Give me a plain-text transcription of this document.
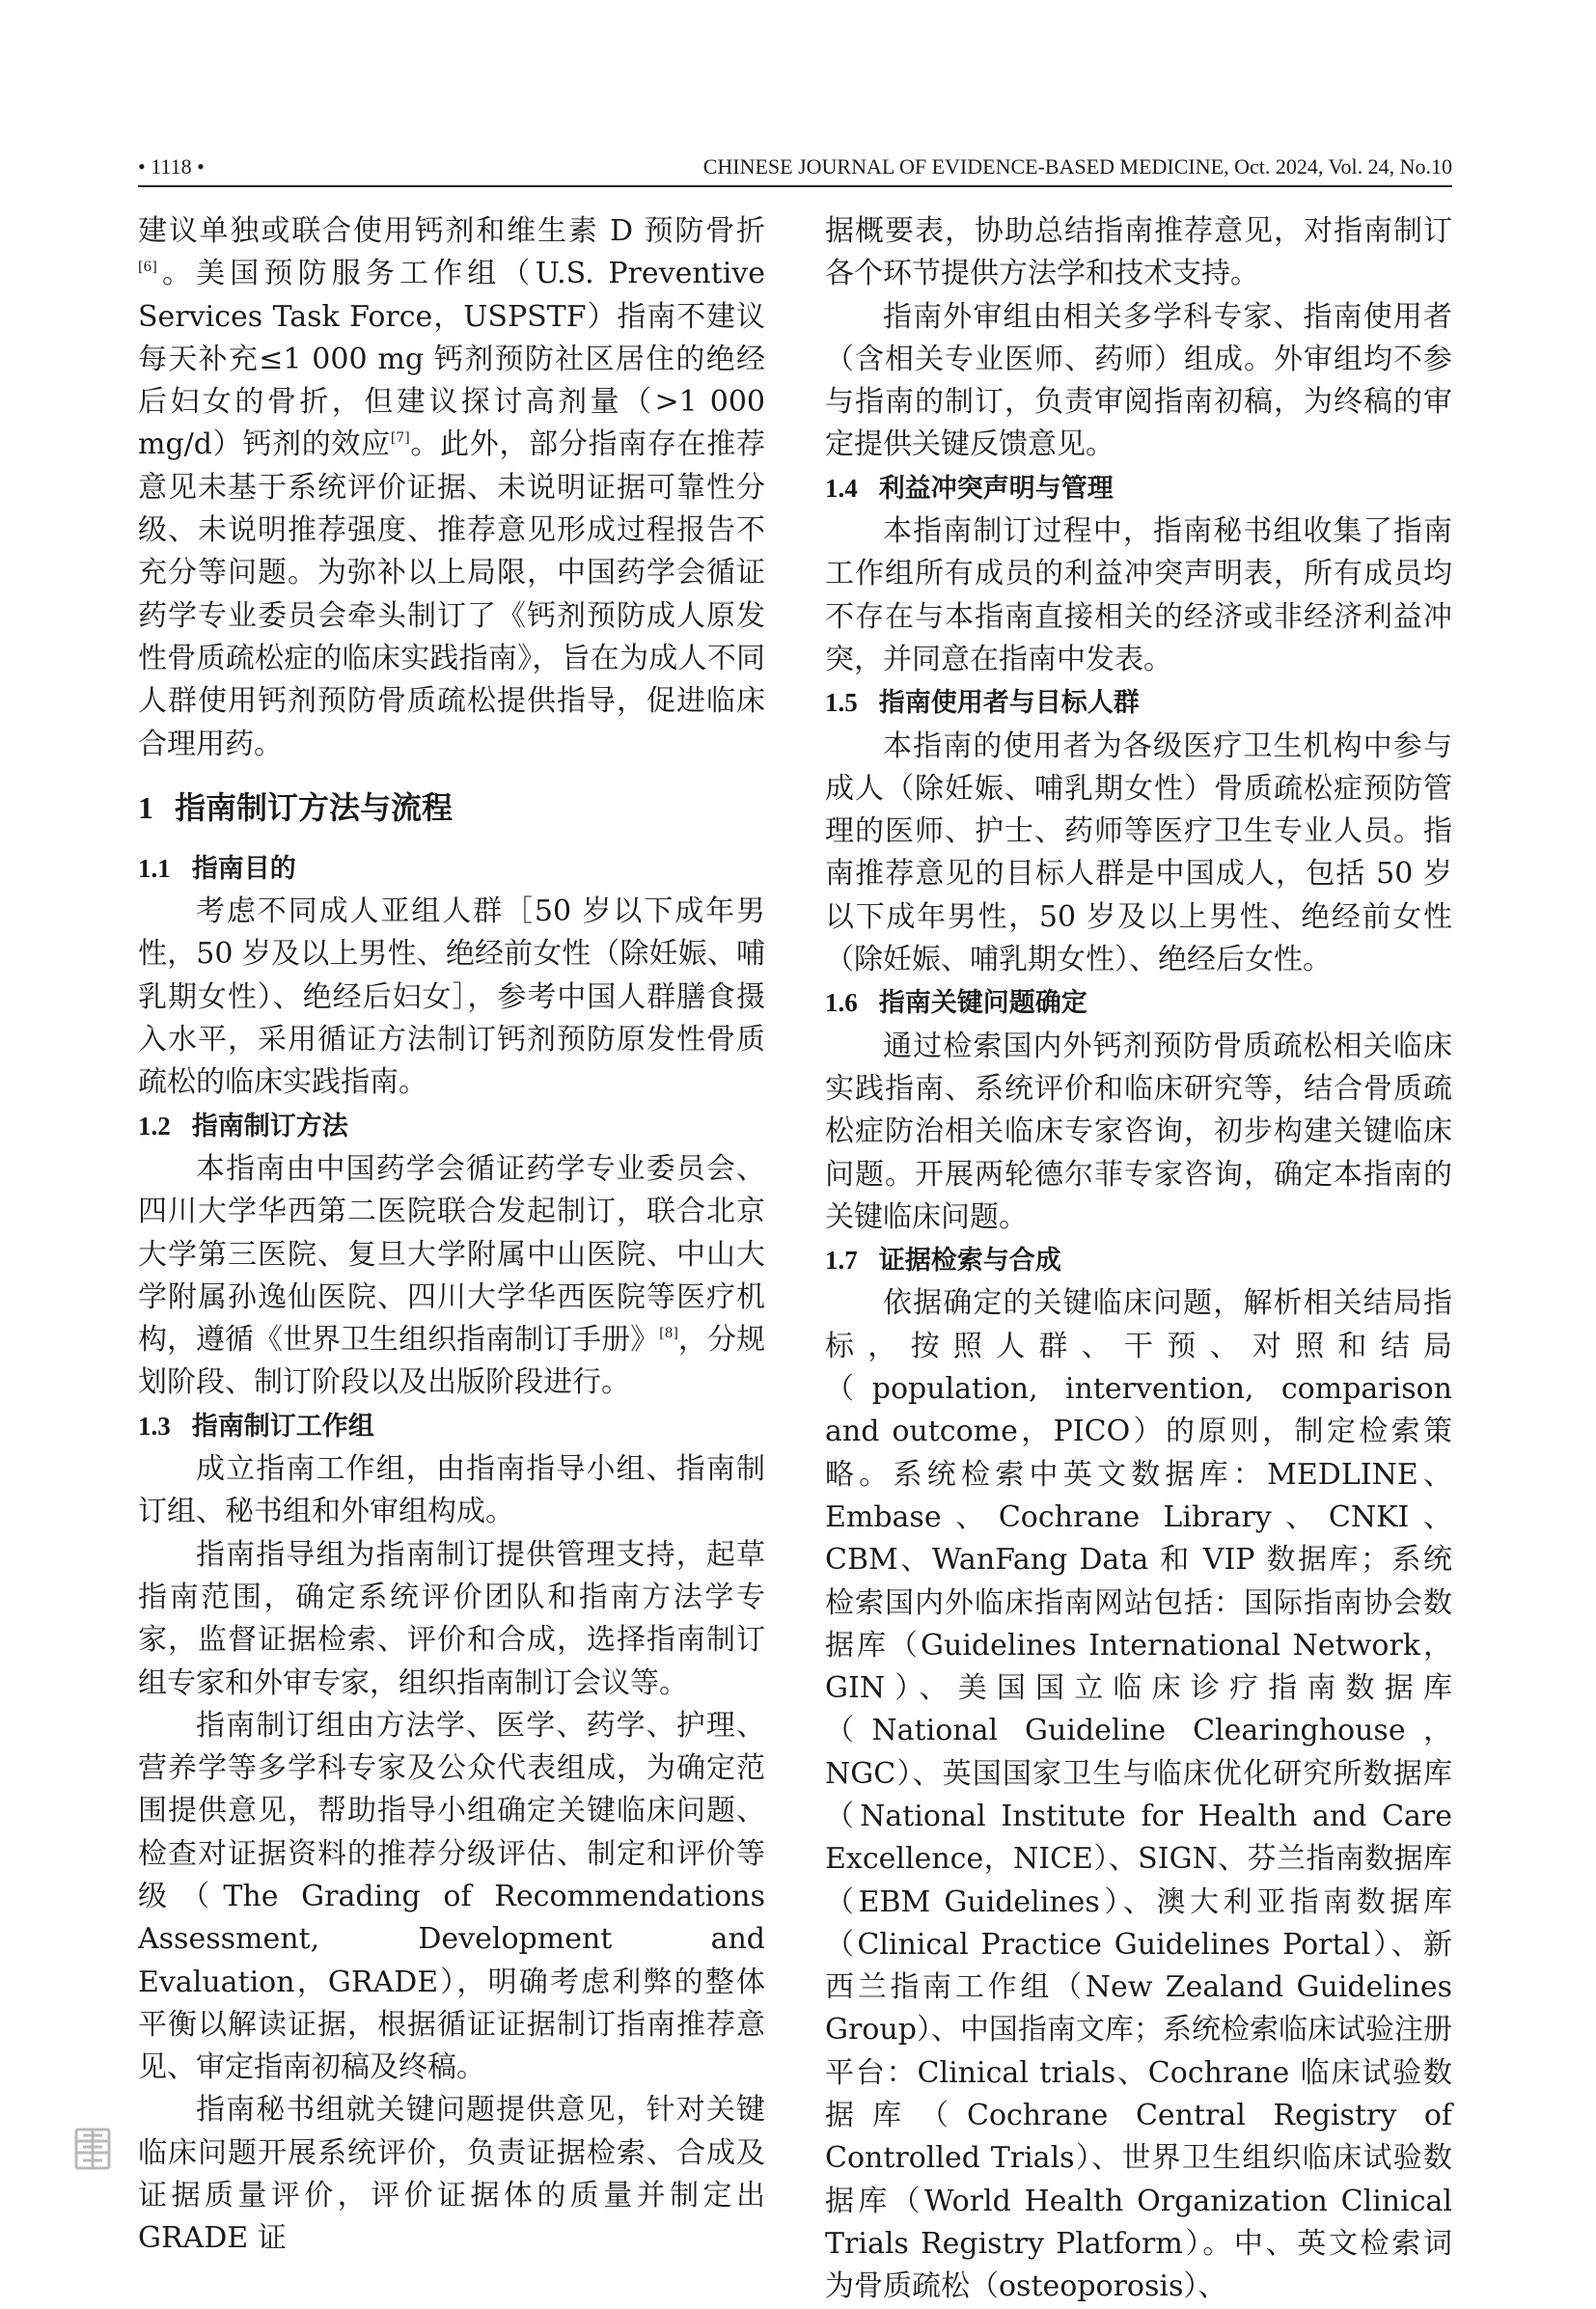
• 1118 •	CHINESE JOURNAL OF EVIDENCE-BASED MEDICINE, Oct. 2024, Vol. 24, No.10

建议单独或联合使用钙剂和维生素 D 预防骨折[6]。美国预防服务工作组（U.S. Preventive Services Task Force，USPSTF）指南不建议每天补充≤1 000 mg 钙剂预防社区居住的绝经后妇女的骨折，但建议探讨高剂量（>1 000 mg/d）钙剂的效应[7]。此外，部分指南存在推荐意见未基于系统评价证据、未说明证据可靠性分级、未说明推荐强度、推荐意见形成过程报告不充分等问题。为弥补以上局限，中国药学会循证药学专业委员会牵头制订了《钙剂预防成人原发性骨质疏松症的临床实践指南》，旨在为成人不同人群使用钙剂预防骨质疏松提供指导，促进临床合理用药。

1 指南制订方法与流程
1.1 指南目的

考虑不同成人亚组人群［50 岁以下成年男性，50 岁及以上男性、绝经前女性（除妊娠、哺乳期女性）、绝经后妇女］，参考中国人群膳食摄入水平，采用循证方法制订钙剂预防原发性骨质疏松的临床实践指南。

1.2 指南制订方法

本指南由中国药学会循证药学专业委员会、四川大学华西第二医院联合发起制订，联合北京大学第三医院、复旦大学附属中山医院、中山大学附属孙逸仙医院、四川大学华西医院等医疗机构，遵循《世界卫生组织指南制订手册》[8]，分规划阶段、制订阶段以及出版阶段进行。

1.3 指南制订工作组

成立指南工作组，由指南指导小组、指南制订组、秘书组和外审组构成。

指南指导组为指南制订提供管理支持，起草指南范围，确定系统评价团队和指南方法学专家，监督证据检索、评价和合成，选择指南制订组专家和外审专家，组织指南制订会议等。

指南制订组由方法学、医学、药学、护理、营养学等多学科专家及公众代表组成，为确定范围提供意见，帮助指导小组确定关键临床问题、检查对证据资料的推荐分级评估、制定和评价等级（The Grading of Recommendations Assessment, Development and Evaluation，GRADE），明确考虑利弊的整体平衡以解读证据，根据循证证据制订指南推荐意见、审定指南初稿及终稿。

指南秘书组就关键问题提供意见，针对关键临床问题开展系统评价，负责证据检索、合成及证据质量评价，评价证据体的质量并制定出 GRADE 证

据概要表，协助总结指南推荐意见，对指南制订各个环节提供方法学和技术支持。

指南外审组由相关多学科专家、指南使用者（含相关专业医师、药师）组成。外审组均不参与指南的制订，负责审阅指南初稿，为终稿的审定提供关键反馈意见。

1.4 利益冲突声明与管理

本指南制订过程中，指南秘书组收集了指南工作组所有成员的利益冲突声明表，所有成员均不存在与本指南直接相关的经济或非经济利益冲突，并同意在指南中发表。

1.5 指南使用者与目标人群

本指南的使用者为各级医疗卫生机构中参与成人（除妊娠、哺乳期女性）骨质疏松症预防管理的医师、护士、药师等医疗卫生专业人员。指南推荐意见的目标人群是中国成人，包括 50 岁以下成年男性，50 岁及以上男性、绝经前女性（除妊娠、哺乳期女性）、绝经后女性。

1.6 指南关键问题确定

通过检索国内外钙剂预防骨质疏松相关临床实践指南、系统评价和临床研究等，结合骨质疏松症防治相关临床专家咨询，初步构建关键临床问题。开展两轮德尔菲专家咨询，确定本指南的关键临床问题。

1.7 证据检索与合成

依据确定的关键临床问题，解析相关结局指标，按照人群、干预、对照和结局（population, intervention, comparison and outcome，PICO）的原则，制定检索策略。系统检索中英文数据库：MEDLINE、Embase、Cochrane Library、CNKI、CBM、WanFang Data 和 VIP 数据库；系统检索国内外临床指南网站包括：国际指南协会数据库（Guidelines International Network，GIN）、美国国立临床诊疗指南数据库（National Guideline Clearinghouse，NGC）、英国国家卫生与临床优化研究所数据库（National Institute for Health and Care Excellence，NICE）、SIGN、芬兰指南数据库（EBM Guidelines）、澳大利亚指南数据库（Clinical Practice Guidelines Portal）、新西兰指南工作组（New Zealand Guidelines Group）、中国指南文库；系统检索临床试验注册平台：Clinical trials、Cochrane 临床试验数据库（Cochrane Central Registry of Controlled Trials）、世界卫生组织临床试验数据库（World Health Organization Clinical Trials Registry Platform）。中、英文检索词为骨质疏松（osteoporosis）、
